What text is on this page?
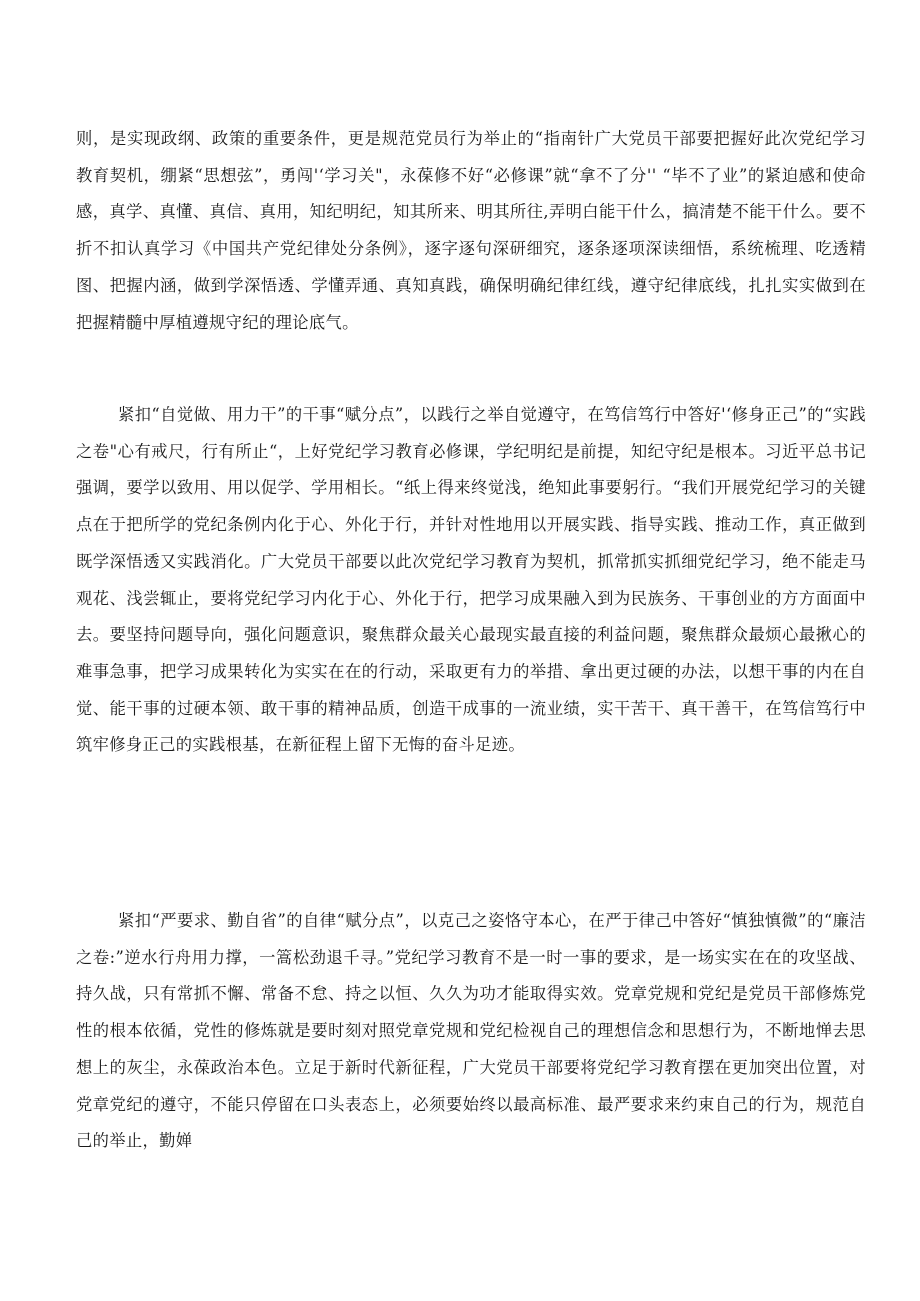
则，是实现政纲、政策的重要条件，更是规范党员行为举止的“指南针广大党员干部要把握好此次党纪学习教育契机，绷紧“思想弦”，勇闯'‘学习关"，永葆修不好“必修课”就“拿不了分'' “毕不了业”的紧迫感和使命感，真学、真懂、真信、真用，知纪明纪，知其所来、明其所往,弄明白能干什么，搞清楚不能干什么。要不折不扣认真学习《中国共产党纪律处分条例》，逐字逐句深研细究，逐条逐项深读细悟，系统梳理、吃透精图、把握内涵，做到学深悟透、学懂弄通、真知真践，确保明确纪律红线，遵守纪律底线，扎扎实实做到在把握精髓中厚植遵规守纪的理论底气。

紧扣“自觉做、用力干”的干事“赋分点”，以践行之举自觉遵守，在笃信笃行中答好'‘修身正己”的“实践之卷"心有戒尺，行有所止“，上好党纪学习教育必修课，学纪明纪是前提，知纪守纪是根本。习近平总书记强调，要学以致用、用以促学、学用相长。“纸上得来终觉浅，绝知此事要躬行。“我们开展党纪学习的关键点在于把所学的党纪条例内化于心、外化于行，并针对性地用以开展实践、指导实践、推动工作，真正做到既学深悟透又实践消化。广大党员干部要以此次党纪学习教育为契机，抓常抓实抓细党纪学习，绝不能走马观花、浅尝辄止，要将党纪学习内化于心、外化于行，把学习成果融入到为民族务、干事创业的方方面面中去。要坚持问题导向，强化问题意识，聚焦群众最关心最现实最直接的利益问题，聚焦群众最烦心最揪心的难事急事，把学习成果转化为实实在在的行动，采取更有力的举措、拿出更过硬的办法，以想干事的内在自觉、能干事的过硬本领、敢干事的精神品质，创造干成事的一流业绩，实干苦干、真干善干，在笃信笃行中筑牢修身正己的实践根基，在新征程上留下无悔的奋斗足迹。

紧扣“严要求、勤自省”的自律“赋分点”，以克己之姿恪守本心，在严于律己中答好“慎独慎微”的“廉洁之卷:”逆水行舟用力撑，一篙松劲退千寻。”党纪学习教育不是一时一事的要求，是一场实实在在的攻坚战、持久战，只有常抓不懈、常备不怠、持之以恒、久久为功才能取得实效。党章党规和党纪是党员干部修炼党性的根本依循，党性的修炼就是要时刻对照党章党规和党纪检视自己的理想信念和思想行为，不断地惮去思想上的灰尘，永葆政治本色。立足于新时代新征程，广大党员干部要将党纪学习教育摆在更加突出位置，对党章党纪的遵守，不能只停留在口头表态上，必须要始终以最高标准、最严要求来约束自己的行为，规范自己的举止，勤婵
